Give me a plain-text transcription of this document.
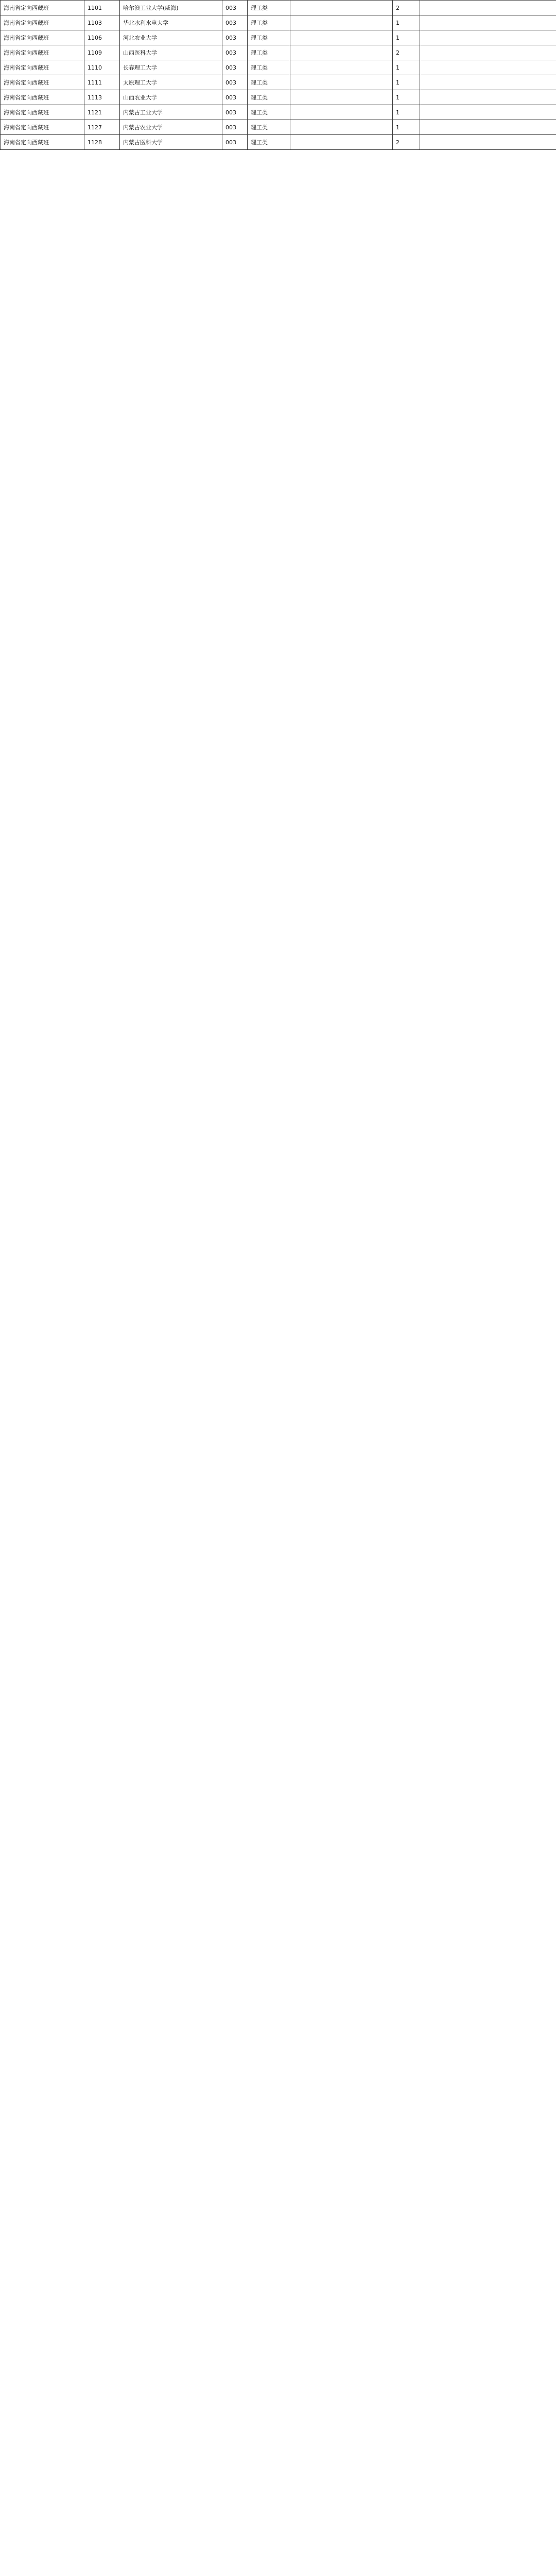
海南省定向西藏班	1101	哈尔滨工业大学(威海)	003	理工类		2	
海南省定向西藏班	1103	华北水利水电大学	003	理工类		1	
海南省定向西藏班	1106	河北农业大学	003	理工类		1	
海南省定向西藏班	1109	山西医科大学	003	理工类		2	
海南省定向西藏班	1110	长春理工大学	003	理工类		1	
海南省定向西藏班	1111	太原理工大学	003	理工类		1	
海南省定向西藏班	1113	山西农业大学	003	理工类		1	
海南省定向西藏班	1121	内蒙古工业大学	003	理工类		1	
海南省定向西藏班	1127	内蒙古农业大学	003	理工类		1	
海南省定向西藏班	1128	内蒙古医科大学	003	理工类		2	
